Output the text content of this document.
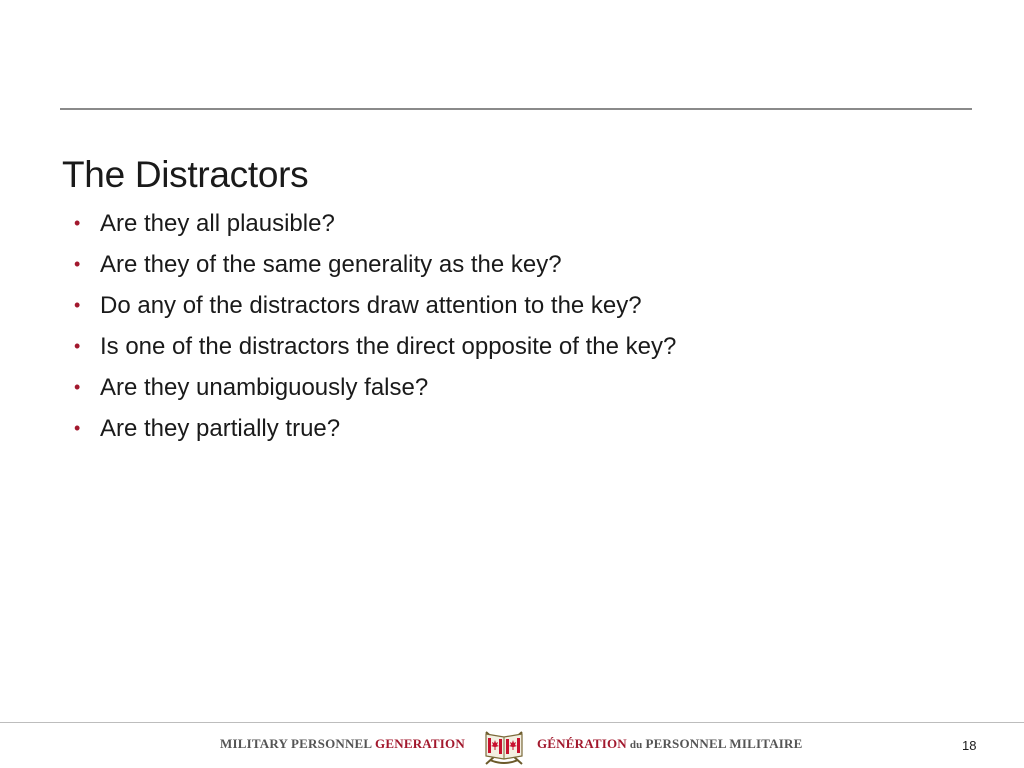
The Distractors
• Are they all plausible?
• Are they of the same generality as the key?
• Do any of the distractors draw attention to the key?
• Is one of the distractors the direct opposite of the key?
• Are they unambiguously false?
• Are they partially true?
MILITARY PERSONNEL GENERATION	GÉNÉRATION du PERSONNEL MILITAIRE	18
